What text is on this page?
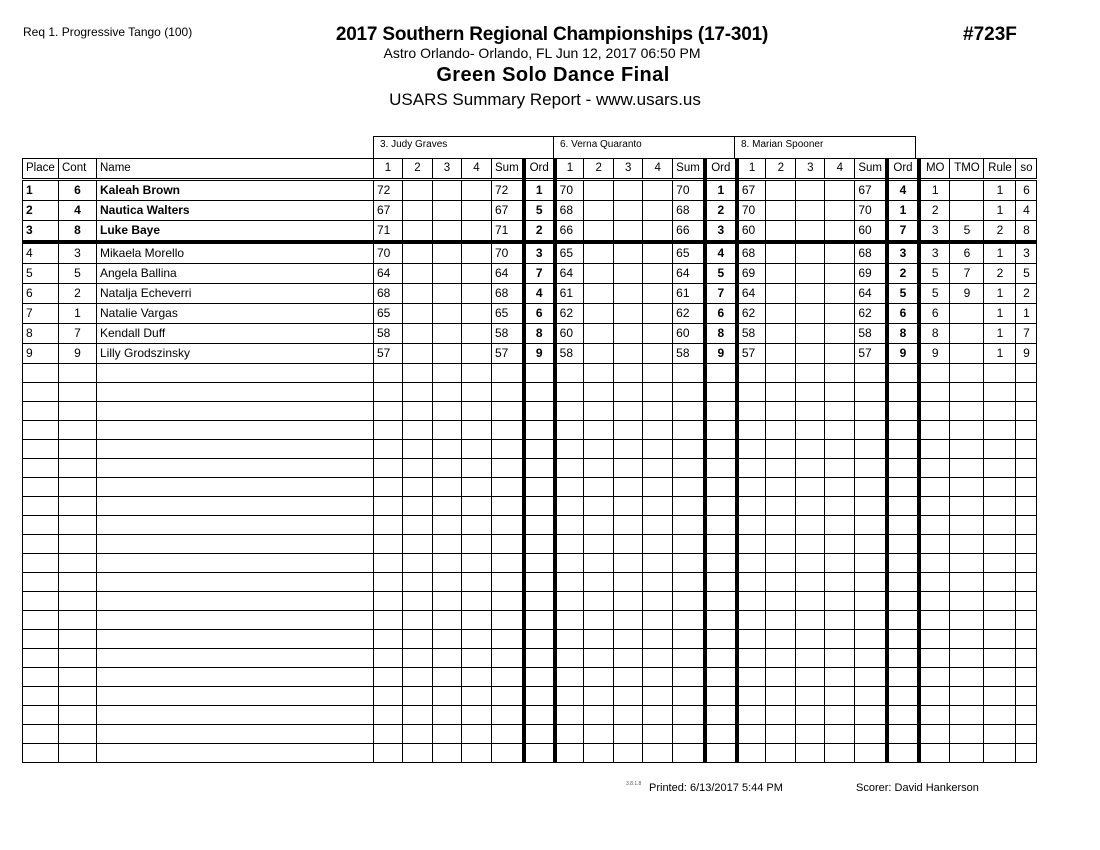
Req 1. Progressive Tango (100)	2017 Southern Regional Championships (17-301)
Astro Orlando- Orlando, FL Jun 12, 2017 06:50 PM
Green Solo Dance Final
USARS Summary Report - www.usars.us
#723F
3. Judy Graves	6. Verna Quaranto	8. Marian Spooner
Place	Cont	Name	1	2	3	4	Sum	Ord	1	2	3	4	Sum	Ord	1	2	3	4	Sum	Ord	MO	TMO	Rule	so
1	6	Kaleah Brown	72				72	1	70				70	1	67				67	4	1		1	6
2	4	Nautica Walters	67				67	5	68				68	2	70				70	1	2		1	4
3	8	Luke Baye	71				71	2	66				66	3	60				60	7	3	5	2	8
4	3	Mikaela Morello	70				70	3	65				65	4	68				68	3	3	6	1	3
5	5	Angela Ballina	64				64	7	64				64	5	69				69	2	5	7	2	5
6	2	Natalja Echeverri	68				68	4	61				61	7	64				64	5	5	9	1	2
7	1	Natalie Vargas	65				65	6	62				62	6	62				62	6	6		1	1
8	7	Kendall Duff	58				58	8	60				60	8	58				58	8	8		1	7
9	9	Lilly Grodszinsky	57				57	9	58				58	9	57				57	9	9		1	9

3.8.1.8 Printed: 6/13/2017 5:44 PM	Scorer: David Hankerson
